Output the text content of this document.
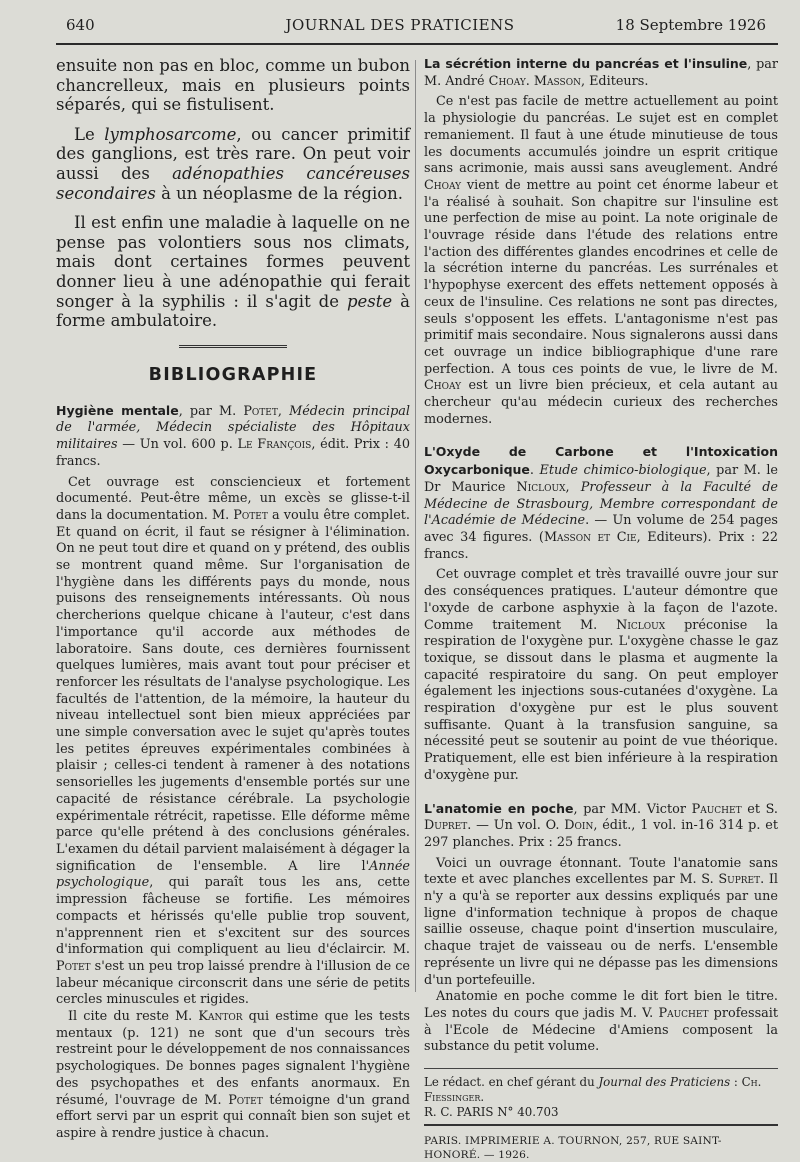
640	JOURNAL DES PRATICIENS	18 Septembre 1926

ensuite non pas en bloc, comme un bubon chancrelleux, mais en plusieurs points séparés, qui se fistulisent.

Le lymphosarcome, ou cancer primitif des ganglions, est très rare. On peut voir aussi des adénopathies cancéreuses secondaires à un néoplasme de la région.

Il est enfin une maladie à laquelle on ne pense pas volontiers sous nos climats, mais dont certaines formes peuvent donner lieu à une adénopathie qui ferait songer à la syphilis : il s'agit de peste à forme ambulatoire.

BIBLIOGRAPHIE

Hygiène mentale, par M. Potet, Médecin principal de l'armée, Médecin spécialiste des Hôpitaux militaires — Un vol. 600 p. Le François, édit. Prix : 40 francs.

Cet ouvrage est consciencieux et fortement documenté. Peut-être même, un excès se glisse-t-il dans la documentation. M. Potet a voulu être complet. Et quand on écrit, il faut se résigner à l'élimination. On ne peut tout dire et quand on y prétend, des oublis se montrent quand même. Sur l'organisation de l'hygiène dans les différents pays du monde, nous puisons des renseignements intéressants. Où nous chercherions quelque chicane à l'auteur, c'est dans l'importance qu'il accorde aux méthodes de laboratoire. Sans doute, ces dernières fournissent quelques lumières, mais avant tout pour préciser et renforcer les résultats de l'analyse psychologique. Les facultés de l'attention, de la mémoire, la hauteur du niveau intellectuel sont bien mieux appréciées par une simple conversation avec le sujet qu'après toutes les petites épreuves expérimentales combinées à plaisir ; celles-ci tendent à ramener à des notations sensorielles les jugements d'ensemble portés sur une capacité de résistance cérébrale. La psychologie expérimentale rétrécit, rapetisse. Elle déforme même parce qu'elle prétend à des conclusions générales. L'examen du détail parvient malaisément à dégager la signification de l'ensemble. A lire l'Année psychologique, qui paraît tous les ans, cette impression fâcheuse se fortifie. Les mémoires compacts et hérissés qu'elle publie trop souvent, n'apprennent rien et s'excitent sur des sources d'information qui compliquent au lieu d'éclaircir. M. Potet s'est un peu trop laissé prendre à l'illusion de ce labeur mécanique circonscrit dans une série de petits cercles minuscules et rigides.

Il cite du reste M. Kantor qui estime que les tests mentaux (p. 121) ne sont que d'un secours très restreint pour le développement de nos connaissances psychologiques. De bonnes pages signalent l'hygiène des psychopathes et des enfants anormaux. En résumé, l'ouvrage de M. Potet témoigne d'un grand effort servi par un esprit qui connaît bien son sujet et aspire à rendre justice à chacun.

La sécrétion interne du pancréas et l'insuline, par M. André Choay. Masson, Editeurs.

Ce n'est pas facile de mettre actuellement au point la physiologie du pancréas. Le sujet est en complet remaniement. Il faut à une étude minutieuse de tous les documents accumulés joindre un esprit critique sans acrimonie, mais aussi sans aveuglement. André Choay vient de mettre au point cet énorme labeur et l'a réalisé à souhait. Son chapitre sur l'insuline est une perfection de mise au point. La note originale de l'ouvrage réside dans l'étude des relations entre l'action des différentes glandes encodrines et celle de la sécrétion interne du pancréas. Les surrénales et l'hypophyse exercent des effets nettement opposés à ceux de l'insuline. Ces relations ne sont pas directes, seuls s'opposent les effets. L'antagonisme n'est pas primitif mais secondaire. Nous signalerons aussi dans cet ouvrage un indice bibliographique d'une rare perfection. A tous ces points de vue, le livre de M. Choay est un livre bien précieux, et cela autant au chercheur qu'au médecin curieux des recherches modernes.

L'Oxyde de Carbone et l'Intoxication Oxycarbonique. Etude chimico-biologique, par M. le Dr Maurice Nicloux, Professeur à la Faculté de Médecine de Strasbourg, Membre correspondant de l'Académie de Médecine. — Un volume de 254 pages avec 34 figures. (Masson et Cie, Editeurs). Prix : 22 francs.

Cet ouvrage complet et très travaillé ouvre jour sur des conséquences pratiques. L'auteur démontre que l'oxyde de carbone asphyxie à la façon de l'azote. Comme traitement M. Nicloux préconise la respiration de l'oxygène pur. L'oxygène chasse le gaz toxique, se dissout dans le plasma et augmente la capacité respiratoire du sang. On peut employer également les injections sous-cutanées d'oxygène. La respiration d'oxygène pur est le plus souvent suffisante. Quant à la transfusion sanguine, sa nécessité peut se soutenir au point de vue théorique. Pratiquement, elle est bien inférieure à la respiration d'oxygène pur.

L'anatomie en poche, par MM. Victor Pauchet et S. Dupret. — Un vol. O. Doin, édit., 1 vol. in-16 314 p. et 297 planches. Prix : 25 francs.

Voici un ouvrage étonnant. Toute l'anatomie sans texte et avec planches excellentes par M. S. Supret. Il n'y a qu'à se reporter aux dessins expliqués par une ligne d'information technique à propos de chaque saillie osseuse, chaque point d'insertion musculaire, chaque trajet de vaisseau ou de nerfs. L'ensemble représente un livre qui ne dépasse pas les dimensions d'un portefeuille.

Anatomie en poche comme le dit fort bien le titre. Les notes du cours que jadis M. V. Pauchet professait à l'Ecole de Médecine d'Amiens composent la substance du petit volume.

Le rédact. en chef gérant du Journal des Praticiens : Ch. Fiessinger.
R. C. PARIS N° 40.703
PARIS. IMPRIMERIE A. TOURNON, 257, RUE SAINT-HONORÉ. — 1926.
